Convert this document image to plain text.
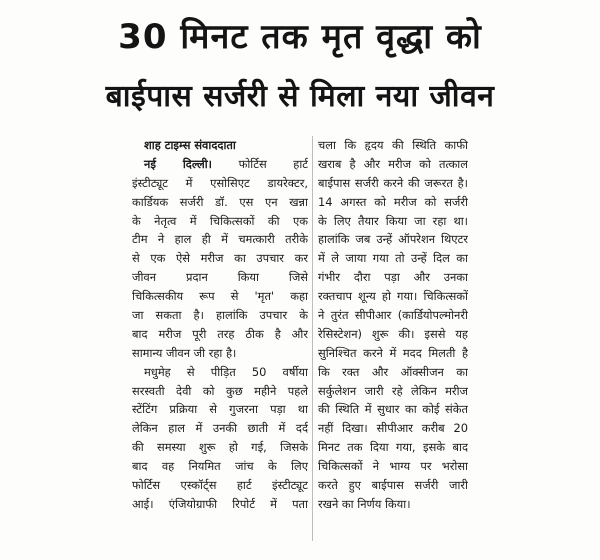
30 मिनट तक मृत वृद्धा को
बाईपास सर्जरी से मिला नया जीवन
शाह टाइम्स संवाददाता
नई दिल्ली। फोर्टिस हार्ट
इंस्टीट्यूट में एसोसिएट डायरेक्टर,
कार्डियक सर्जरी डॉ. एस एन खन्ना
के नेतृत्व में चिकित्सकों की एक
टीम ने हाल ही में चमत्कारी तरीके
से एक ऐसे मरीज का उपचार कर
जीवन प्रदान किया जिसे
चिकित्सकीय रूप से 'मृत' कहा
जा सकता है। हालांकि उपचार के
बाद मरीज पूरी तरह ठीक है और
सामान्य जीवन जी रहा है।
मधुमेह से पीड़ित 50 वर्षीया
सरस्वती देवी को कुछ महीने पहले
स्टेंटिंग प्रक्रिया से गुजरना पड़ा था
लेकिन हाल में उनकी छाती में दर्द
की समस्या शुरू हो गई, जिसके
बाद वह नियमित जांच के लिए
फोर्टिस एस्कॉर्ट्स हार्ट इंस्टीट्यूट
आई। एंजियोग्राफी रिपोर्ट में पता
चला कि हृदय की स्थिति काफी
खराब है और मरीज को तत्काल
बाईपास सर्जरी करने की जरूरत है।
14 अगस्त को मरीज को सर्जरी
के लिए तैयार किया जा रहा था।
हालांकि जब उन्हें ऑपरेशन थिएटर
में ले जाया गया तो उन्हें दिल का
गंभीर दौरा पड़ा और उनका
रक्तचाप शून्य हो गया। चिकित्सकों
ने तुरंत सीपीआर (कार्डियोपल्मोनरी
रेसिस्टेशन) शुरू की। इससे यह
सुनिश्चित करने में मदद मिलती है
कि रक्त और ऑक्सीजन का
सर्कुलेशन जारी रहे लेकिन मरीज
की स्थिति में सुधार का कोई संकेत
नहीं दिखा। सीपीआर करीब 20
मिनट तक दिया गया, इसके बाद
चिकित्सकों ने भाग्य पर भरोसा
करते हुए बाईपास सर्जरी जारी
रखने का निर्णय किया।
